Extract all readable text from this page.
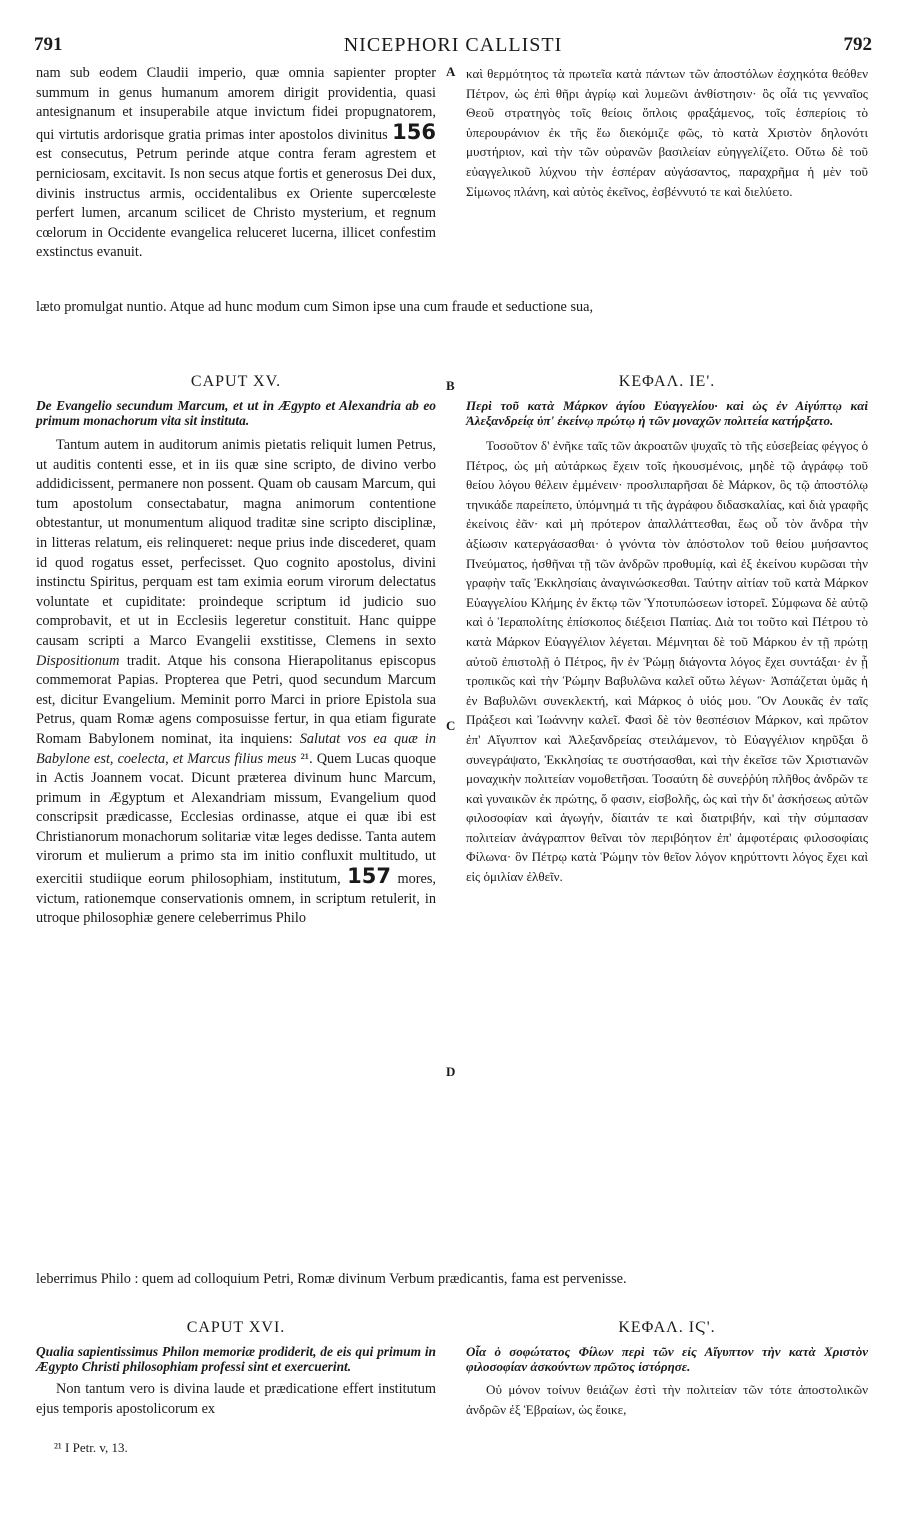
791	NICEPHORI CALLISTI	792

nam sub eodem Claudii imperio, quæ omnia sapienter propter summum in genus humanum amorem dirigit providentia, quasi antesignanum et insuperabile atque invictum fidei propugnatorem, qui virtutis ardorisque gratia primas inter apostolos divinitus 156 est consecutus, Petrum perinde atque contra feram agrestem et perniciosam, excitavit. Is non secus atque fortis et generosus Dei dux, divinis instructus armis, occidentalibus ex Oriente supercœleste perfert lumen, arcanum scilicet de Christo mysterium, et regnum cœlorum in Occidente evangelica reluceret lucerna, illicet confestim exstinctus evanuit.

A καὶ θερμότητος τὰ πρωτεῖα κατὰ πάντων τῶν ἀποστόλων ἐσχηκότα θεόθεν Πέτρον, ὡς ἐπὶ θῆρι ἀγρίῳ καὶ λυμεῶνι ἀνθίστησιν· ὃς οἷά τις γενναῖος Θεοῦ στρατηγὸς τοῖς θείοις ὅπλοις φραξάμενος, τοῖς ἑσπερίοις τὸ ὑπερουράνιον ἐκ τῆς ἕω διεκόμιζε φῶς, τὸ κατὰ Χριστὸν δηλονότι μυστήριον, καὶ τὴν τῶν οὐρανῶν βασιλείαν εὐηγγελίζετο. Οὕτω δὲ τοῦ εὐαγγελικοῦ λύχνου τὴν ἑσπέραν αὐγάσαντος, παραχρῆμα ἡ μὲν τοῦ Σίμωνος πλάνη, καὶ αὐτὸς ἐκεῖνος, ἐσβέννυτό τε καὶ διελύετο.

læto promulgat nuntio. Atque ad hunc modum cum Simon ipse una cum fraude et seductione sua,
B

CAPUT XV.

De Evangelio secundum Marcum, et ut in Ægypto et Alexandria ab eo primum monachorum vita sit instituta.

Tantum autem in auditorum animis pietatis reliquit lumen Petrus, ut auditis contenti esse, et in iis quæ sine scripto, de divino verbo addidicissent, permanere non possent. Quam ob causam Marcum, qui tum apostolum consectabatur, magna animorum contentione obtestantur, ut monumentum aliquod traditæ sine scripto disciplinæ, in litteras relatum, eis relinqueret: neque prius inde discederet, quam id quod rogatus esset, perfecisset. Quo cognito apostolus, divini instinctu Spiritus, perquam est tam eximia eorum virorum delectatus voluntate et cupiditate: proindeque scriptum id judicio suo comprobavit, et ut in Ecclesiis legeretur constituit. Hanc quippe causam scripti a Marco Evangelii exstitisse, Clemens in sexto Dispositionum tradit. Atque his consona Hierapolitanus episcopus commemorat Papias. Propterea que Petri, quod secundum Marcum est, dicitur Evangelium. Meminit porro Marci in priore Epistola sua Petrus, quam Romæ agens composuisse fertur, in qua etiam figurate Romam Babylonem nominat, ita inquiens: Salutat vos ea quæ in Babylone est, coelecta, et Marcus filius meus ²¹. Quem Lucas quoque in Actis Joannem vocat. Dicunt præterea divinum hunc Marcum, primum in Ægyptum et Alexandriam missum, Evangelium quod conscripsit prædicasse, Ecclesias ordinasse, atque ei quæ ibi est Christianorum monachorum solitariæ vitæ leges dedisse. Tanta autem virorum et mulierum a primo sta im initio confluxit multitudo, ut exercitii studiique eorum philosophiam, institutum, 157 mores, victum, rationemque conservationis omnem, in scriptum retulerit, in utroque philosophiæ genere celeberrimus Philo

ΚΕΦΑΛ. ΙΕ'.

Περὶ τοῦ κατὰ Μάρκον ἁγίου Εὐαγγελίου· καὶ ὡς ἐν Αἰγύπτῳ καὶ Ἀλεξανδρείᾳ ὑπ' ἐκείνῳ πρώτῳ ἡ τῶν μοναχῶν πολιτεία κατήρξατο.

Τοσοῦτον δ' ἐνῆκε ταῖς τῶν ἀκροατῶν ψυχαῖς τὸ τῆς εὐσεβείας φέγγος ὁ Πέτρος, ὡς μὴ αὐτάρκως ἔχειν τοῖς ἠκουσμένοις, μηδὲ τῷ ἀγράφῳ τοῦ θείου λόγου θέλειν ἐμμένειν· προσλιπαρῆσαι δὲ Μάρκον, ὃς τῷ ἀποστόλῳ τηνικάδε παρείπετο, ὑπόμνημά τι τῆς ἀγράφου διδασκαλίας, καὶ διὰ γραφῆς ἐκείνοις ἐᾶν· καὶ μὴ πρότερον ἀπαλλάττεσθαι, ἕως οὗ τὸν ἄνδρα τὴν ἀξίωσιν κατεργάσασθαι· ὁ γνόντα τὸν ἀπόστολον τοῦ θείου μυήσαντος Πνεύματος, ἡσθῆναι τῇ τῶν ἀνδρῶν προθυμίᾳ, καὶ ἐξ ἐκείνου κυρῶσαι τὴν γραφὴν ταῖς Ἐκκλησίαις ἀναγινώσκεσθαι. Ταύτην αἰτίαν τοῦ κατὰ Μάρκον Εὐαγγελίου Κλήμης ἐν ἕκτῳ τῶν Ὑποτυπώσεων ἱστορεῖ. Σύμφωνα δὲ αὐτῷ καὶ ὁ Ἱεραπολίτης ἐπίσκοπος διέξεισι Παπίας. Διὰ τοι τοῦτο καὶ Πέτρου τὸ κατὰ Μάρκον Εὐαγγέλιον λέγεται. Μέμνηται δὲ τοῦ Μάρκου ἐν τῇ πρώτῃ αὐτοῦ ἐπιστολῇ ὁ Πέτρος, ἣν ἐν Ῥώμῃ διάγοντα λόγος ἔχει συντάξαι· ἐν ᾗ τροπικῶς καὶ τὴν Ῥώμην Βαβυλῶνα καλεῖ οὕτω λέγων· Ἀσπάζεται ὑμᾶς ἡ ἐν Βαβυλῶνι συνεκλεκτή, καὶ Μάρκος ὁ υἱός μου. Ὃν Λουκᾶς ἐν ταῖς Πράξεσι καὶ Ἰωάννην καλεῖ. Φασὶ δὲ τὸν θεσπέσιον Μάρκον, καὶ πρῶτον ἐπ' Αἴγυπτον καὶ Ἀλεξανδρείας στειλάμενον, τὸ Εὐαγγέλιον κηρῦξαι ὃ συνεγράψατο, Ἐκκλησίας τε συστήσασθαι, καὶ τὴν ἐκεῖσε τῶν Χριστιανῶν μοναχικὴν πολιτείαν νομοθετῆσαι. Τοσαύτη δὲ συνεῤῥύη πλῆθος ἀνδρῶν τε καὶ γυναικῶν ἐκ πρώτης, ὅ φασιν, εἰσβολῆς, ὡς καὶ τὴν δι' ἀσκήσεως αὐτῶν φιλοσοφίαν καὶ ἀγωγήν, δίαιτάν τε καὶ διατριβήν, καὶ τὴν σύμπασαν πολιτείαν ἀνάγραπτον θεῖναι τὸν περιβόητον ἐπ' ἀμφοτέραις φιλοσοφίαις Φίλωνα· ὃν Πέτρῳ κατὰ Ῥώμην τὸν θεῖον λόγον κηρύττοντι λόγος ἔχει καὶ εἰς ὁμιλίαν ἐλθεῖν.

C
D
leberrimus Philo : quem ad colloquium Petri, Romæ divinum Verbum prædicantis, fama est pervenisse.

CAPUT XVI.

Qualia sapientissimus Philon memoriæ prodiderit, de eis qui primum in Ægypto Christi philosophiam professi sint et exercuerint.

Non tantum vero is divina laude et prædicatione effert institutum ejus temporis apostolicorum ex

ΚΕΦΑΛ. ΙϚ'.

Οἷα ὁ σοφώτατος Φίλων περὶ τῶν εἰς Αἴγυπτον τὴν κατὰ Χριστὸν φιλοσοφίαν ἀσκούντων πρῶτος ἱστόρησε.

Οὐ μόνον τοίνυν θειάζων ἐστὶ τὴν πολιτείαν τῶν τότε ἀποστολικῶν ἀνδρῶν ἐξ Ἑβραίων, ὡς ἔοικε,

²¹ I Petr. v, 13.
